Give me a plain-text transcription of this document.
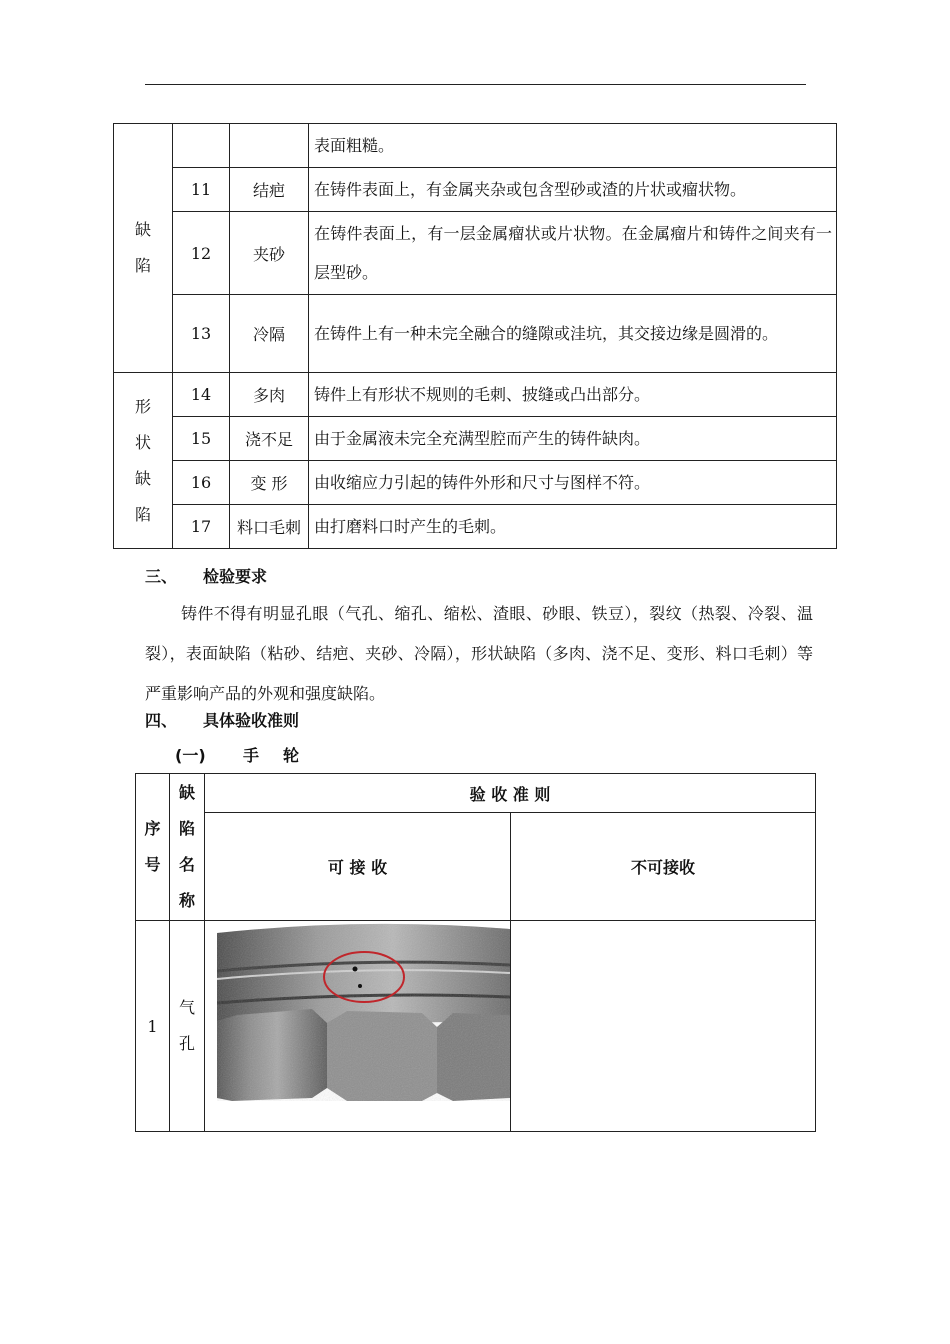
缺陷			表面粗糙。
	11	结疤	在铸件表面上，有金属夹杂或包含型砂或渣的片状或瘤状物。
	12	夹砂	在铸件表面上，有一层金属瘤状或片状物。在金属瘤片和铸件之间夹有一层型砂。
	13	冷隔	在铸件上有一种未完全融合的缝隙或洼坑，其交接边缘是圆滑的。
形状缺陷	14	多肉	铸件上有形状不规则的毛刺、披缝或凸出部分。
	15	浇不足	由于金属液未完全充满型腔而产生的铸件缺肉。
	16	变 形	由收缩应力引起的铸件外形和尺寸与图样不符。
	17	料口毛刺	由打磨料口时产生的毛刺。
三、 检验要求
铸件不得有明显孔眼（气孔、缩孔、缩松、渣眼、砂眼、铁豆），裂纹（热裂、冷裂、温裂），表面缺陷（粘砂、结疤、夹砂、冷隔），形状缺陷（多肉、浇不足、变形、料口毛刺）等严重影响产品的外观和强度缺陷。
四、 具体验收准则
(一) 手轮
序号	缺陷名称	验 收 准 则	
		可 接 收	不可接收
1	气孔	
